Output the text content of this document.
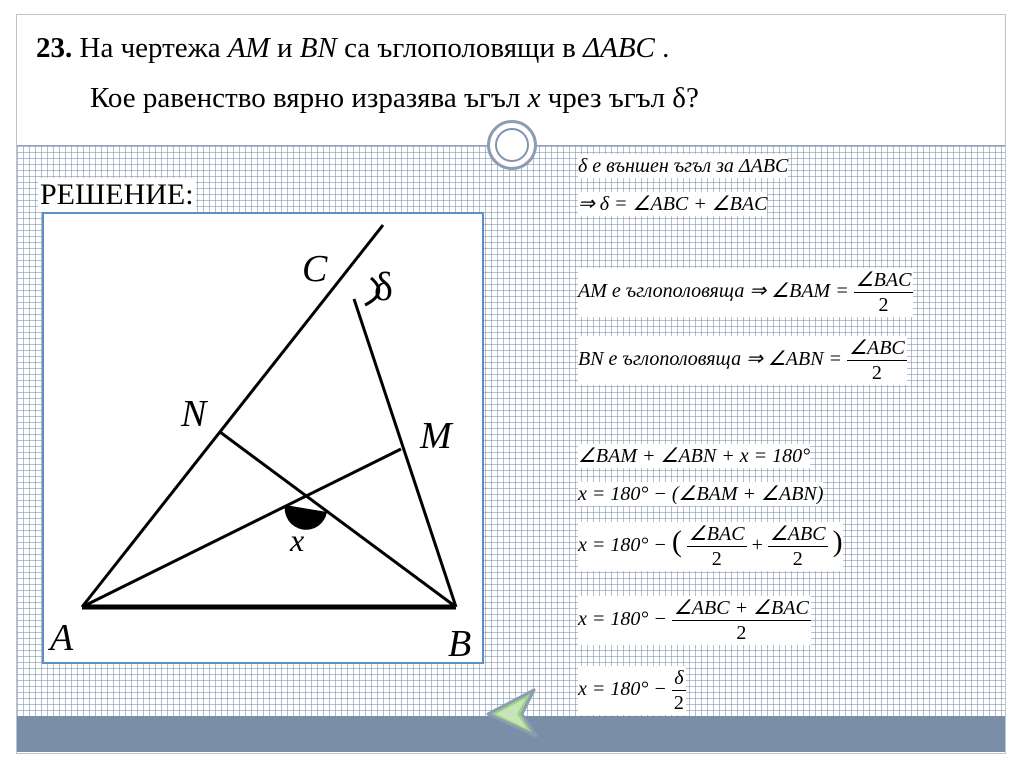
23. На чертежа AM и BN са ъглополовящи в ΔABC .
Кое равенство вярно изразява ъгъл x чрез ъгъл δ?
РЕШЕНИЕ:
C δ
N
M
x
A	B
δ е външен ъгъл за ΔABC
⇒ δ = ∠ABC + ∠BAC
AM е ъглополовяща ⇒ ∠BAM = $\frac{\text{∠BAC}}{2}$
BN е ъглополовяща ⇒ ∠ABN = $\frac{\text{∠ABC}}{2}$
∠BAM + ∠ABN + x = 180°
x = 180° − (∠BAM + ∠ABN)
x = 180° − ( $\frac{\text{∠BAC}}{2} + \frac{\text{∠ABC}}{2}$ )
$x = 180^\circ - \frac{\text{∠ABC + ∠BAC}}{2}$
$x = 180^\circ - \frac{\delta}{2}$
